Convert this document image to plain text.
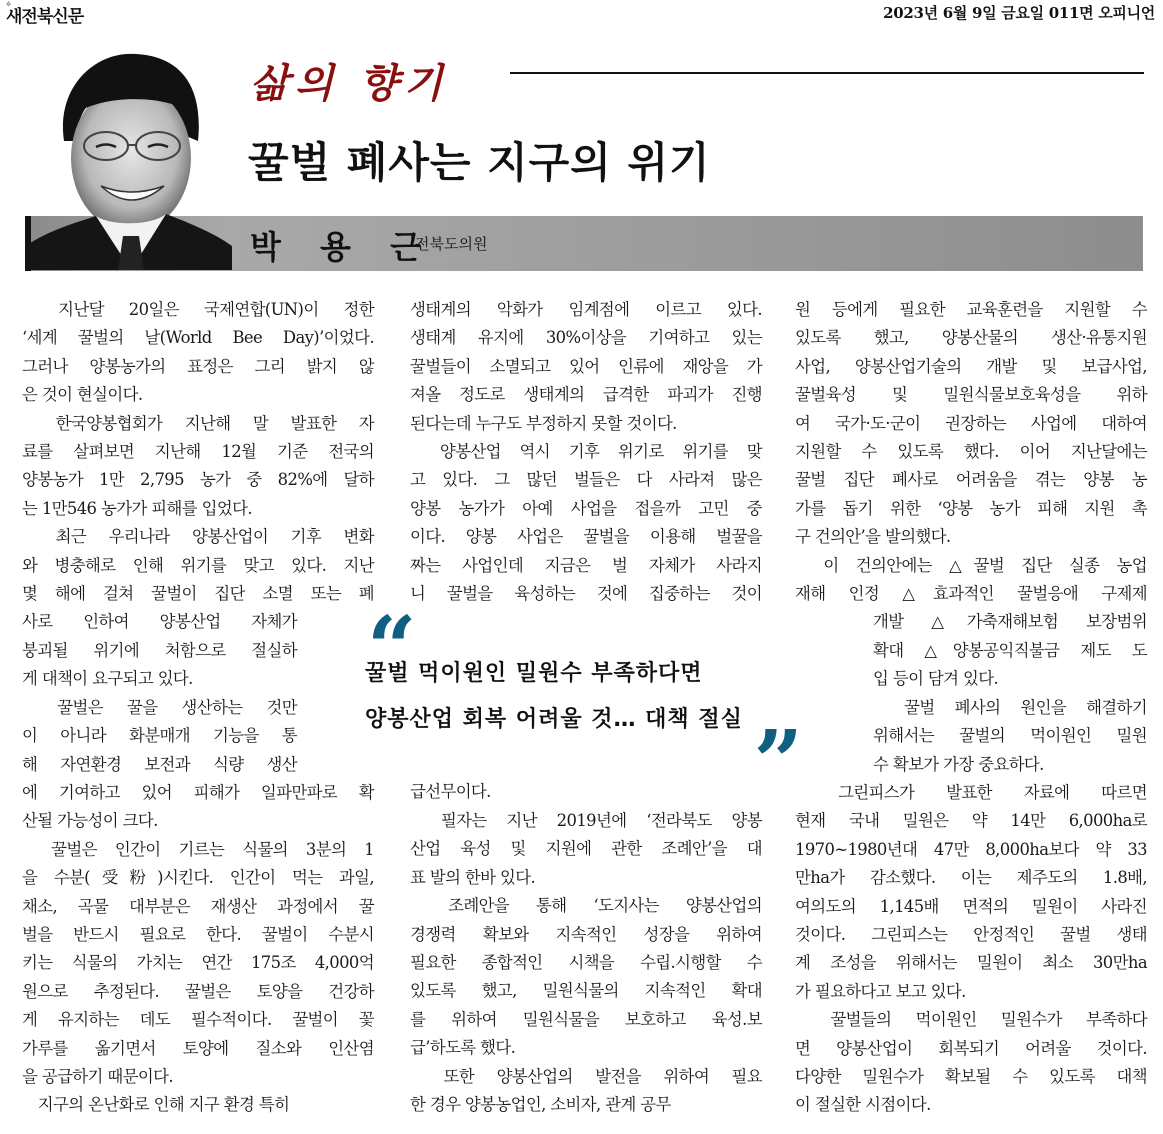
✲
새전북신문	2023년 6월 9일 금요일 011면 오피니언
삶의 향기
꿀벌 폐사는 지구의 위기
박 용 근
전북도의원
　지난달 20일은 국제연합(UN)이 정한
‘세계 꿀벌의 날(World Bee Day)’이었다.
그러나 양봉농가의 표정은 그리 밝지 않
은 것이 현실이다.
　한국양봉협회가 지난해 말 발표한 자
료를 살펴보면 지난해 12월 기준 전국의
양봉농가 1만 2,795 농가 중 82%에 달하
는 1만546 농가가 피해를 입었다.
　최근 우리나라 양봉산업이 기후 변화
와 병충해로 인해 위기를 맞고 있다. 지난
몇 해에 걸쳐 꿀벌이 집단 소멸 또는 폐
사로 인하여 양봉산업 자체가
붕괴될 위기에 처함으로 절실하
게 대책이 요구되고 있다.
　꿀벌은 꿀을 생산하는 것만
이 아니라 화분매개 기능을 통
해 자연환경 보전과 식량 생산
에 기여하고 있어 피해가 일파만파로 확
산될 가능성이 크다.
　꿀벌은 인간이 기르는 식물의 3분의 1
을 수분(受粉)시킨다. 인간이 먹는 과일,
채소, 곡물 대부분은 재생산 과정에서 꿀
벌을 반드시 필요로 한다. 꿀벌이 수분시
키는 식물의 가치는 연간 175조 4,000억
원으로 추정된다. 꿀벌은 토양을 건강하
게 유지하는 데도 필수적이다. 꿀벌이 꽃
가루를 옮기면서 토양에 질소와 인산염
을 공급하기 때문이다.
　지구의 온난화로 인해 지구 환경 특히
생태계의 악화가 임계점에 이르고 있다.
생태계 유지에 30%이상을 기여하고 있는
꿀벌들이 소멸되고 있어 인류에 재앙을 가
져올 정도로 생태계의 급격한 파괴가 진행
된다는데 누구도 부정하지 못할 것이다.
　양봉산업 역시 기후 위기로 위기를 맞
고 있다. 그 많던 벌들은 다 사라져 많은
양봉 농가가 아예 사업을 접을까 고민 중
이다. 양봉 사업은 꿀벌을 이용해 벌꿀을
짜는 사업인데 지금은 벌 자체가 사라지
니 꿀벌을 육성하는 것에 집중하는 것이
급선무이다.
　필자는 지난 2019년에 ‘전라북도 양봉
산업 육성 및 지원에 관한 조례안’을 대
표 발의 한바 있다.
　조례안을 통해 ‘도지사는 양봉산업의
경쟁력 확보와 지속적인 성장을 위하여
필요한 종합적인 시책을 수립.시행할 수
있도록 했고, 밀원식물의 지속적인 확대
를 위하여 밀원식물을 보호하고 육성.보
급’하도록 했다.
　또한 양봉산업의 발전을 위하여 필요
한 경우 양봉농업인, 소비자, 관계 공무
원 등에게 필요한 교육훈련을 지원할 수
있도록 했고, 양봉산물의 생산·유통지원
사업, 양봉산업기술의 개발 및 보급사업,
꿀벌육성 및 밀원식물보호육성을 위하
여 국가·도·군이 권장하는 사업에 대하여
지원할 수 있도록 했다. 이어 지난달에는
꿀벌 집단 폐사로 어려움을 겪는 양봉 농
가를 돕기 위한 ‘양봉 농가 피해 지원 촉
구 건의안’을 발의했다.
　이 건의안에는 △꿀벌 집단 실종 농업
재해 인정 △효과적인 꿀벌응애 구제제
개발 △가축재해보험 보장범위
확대 △양봉공익직불금 제도 도
입 등이 담겨 있다.
　꿀벌 폐사의 원인을 해결하기
위해서는 꿀벌의 먹이원인 밀원
수 확보가 가장 중요하다.
　그린피스가 발표한 자료에 따르면
현재 국내 밀원은 약 14만 6,000ha로
1970~1980년대 47만 8,000ha보다 약 33
만ha가 감소했다. 이는 제주도의 1.8배,
여의도의 1,145배 면적의 밀원이 사라진
것이다. 그린피스는 안정적인 꿀벌 생태
계 조성을 위해서는 밀원이 최소 30만ha
가 필요하다고 보고 있다.
　꿀벌들의 먹이원인 밀원수가 부족하다
면 양봉산업이 회복되기 어려울 것이다.
다양한 밀원수가 확보될 수 있도록 대책
이 절실한 시점이다.
“
꿀벌 먹이원인 밀원수 부족하다면
양봉산업 회복 어려울 것… 대책 절실 ”
